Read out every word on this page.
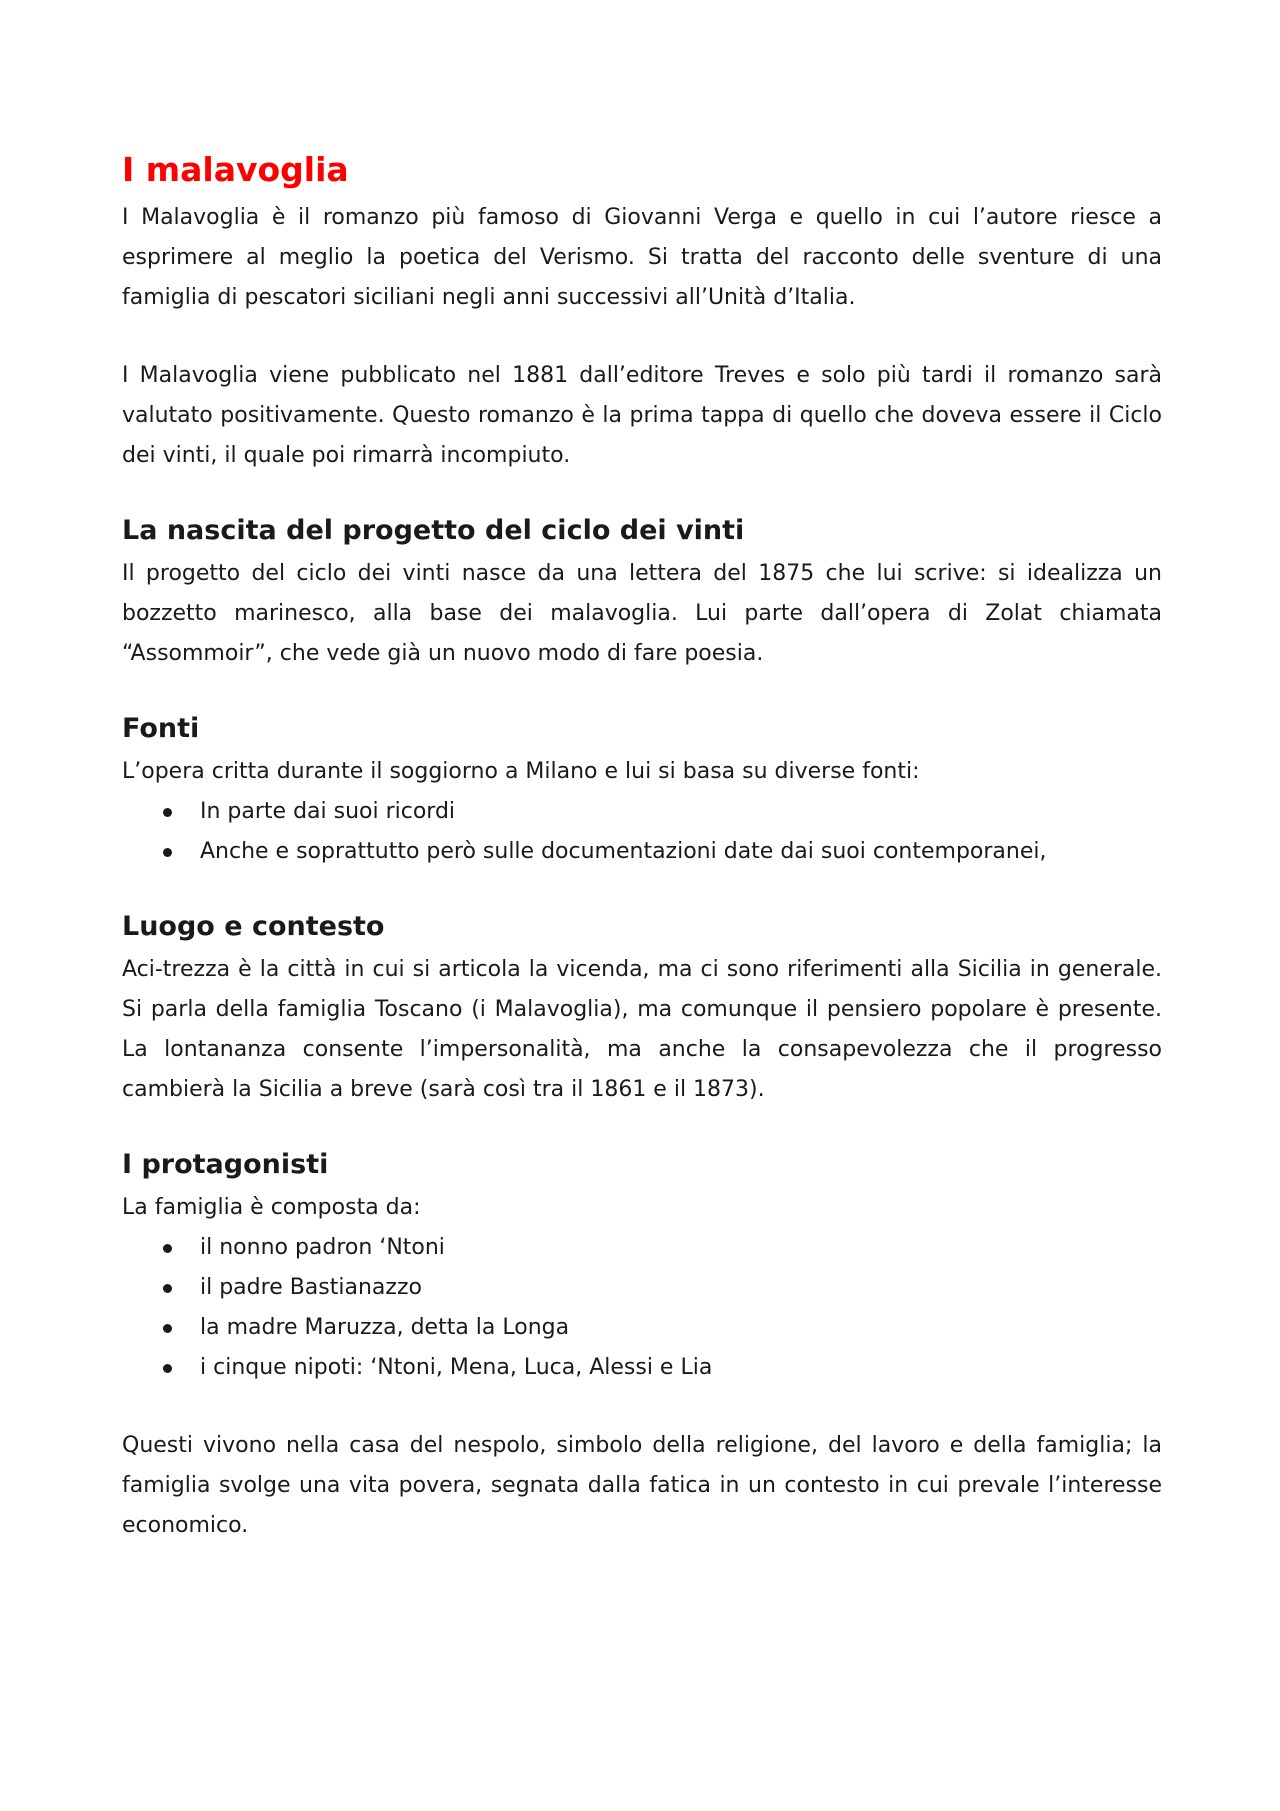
I malavoglia

I Malavoglia è il romanzo più famoso di Giovanni Verga e quello in cui l’autore riesce a esprimere al meglio la poetica del Verismo. Si tratta del racconto delle sventure di una famiglia di pescatori siciliani negli anni successivi all’Unità d’Italia.

I Malavoglia viene pubblicato nel 1881 dall’editore Treves e solo più tardi il romanzo sarà valutato positivamente. Questo romanzo è la prima tappa di quello che doveva essere il Ciclo dei vinti, il quale poi rimarrà incompiuto.

La nascita del progetto del ciclo dei vinti

Il progetto del ciclo dei vinti nasce da una lettera del 1875 che lui scrive: si idealizza un bozzetto marinesco, alla base dei malavoglia. Lui parte dall’opera di Zolat chiamata “Assommoir”, che vede già un nuovo modo di fare poesia.

Fonti

L’opera critta durante il soggiorno a Milano e lui si basa su diverse fonti:

In parte dai suoi ricordi
Anche e soprattutto però sulle documentazioni date dai suoi contemporanei,
Luogo e contesto

Aci-trezza è la città in cui si articola la vicenda, ma ci sono riferimenti alla Sicilia in generale. Si parla della famiglia Toscano (i Malavoglia), ma comunque il pensiero popolare è presente. La lontananza consente l’impersonalità, ma anche la consapevolezza che il progresso cambierà la Sicilia a breve (sarà così tra il 1861 e il 1873).

I protagonisti

La famiglia è composta da:

il nonno padron ‘Ntoni
il padre Bastianazzo
la madre Maruzza, detta la Longa
i cinque nipoti: ‘Ntoni, Mena, Luca, Alessi e Lia

Questi vivono nella casa del nespolo, simbolo della religione, del lavoro e della famiglia; la famiglia svolge una vita povera, segnata dalla fatica in un contesto in cui prevale l’interesse economico.
